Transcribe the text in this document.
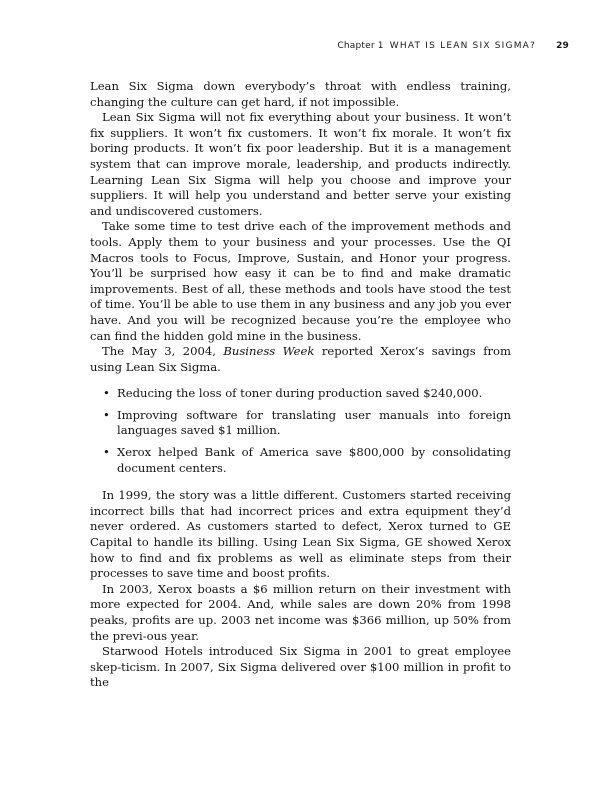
Chapter 1 WHAT IS LEAN SIX SIGMA? 29

Lean Six Sigma down everybody’s throat with endless training, changing the culture can get hard, if not impossible.

Lean Six Sigma will not fix everything about your business. It won’t fix suppliers. It won’t fix customers. It won’t fix morale. It won’t fix boring products. It won’t fix poor leadership. But it is a management system that can improve morale, leadership, and products indirectly. Learning Lean Six Sigma will help you choose and improve your suppliers. It will help you understand and better serve your existing and undiscovered customers.

Take some time to test drive each of the improvement methods and tools. Apply them to your business and your processes. Use the QI Macros tools to Focus, Improve, Sustain, and Honor your progress. You’ll be surprised how easy it can be to find and make dramatic improvements. Best of all, these methods and tools have stood the test of time. You’ll be able to use them in any business and any job you ever have. And you will be recognized because you’re the employee who can find the hidden gold mine in the business.

The May 3, 2004, Business Week reported Xerox’s savings from using Lean Six Sigma.

• Reducing the loss of toner during production saved $240,000.
• Improving software for translating user manuals into foreign languages saved $1 million.
• Xerox helped Bank of America save $800,000 by consolidating document centers.

In 1999, the story was a little different. Customers started receiving incorrect bills that had incorrect prices and extra equipment they’d never ordered. As customers started to defect, Xerox turned to GE Capital to handle its billing. Using Lean Six Sigma, GE showed Xerox how to find and fix problems as well as eliminate steps from their processes to save time and boost profits.

In 2003, Xerox boasts a $6 million return on their investment with more expected for 2004. And, while sales are down 20% from 1998 peaks, profits are up. 2003 net income was $366 million, up 50% from the previ-ous year.

Starwood Hotels introduced Six Sigma in 2001 to great employee skep-ticism. In 2007, Six Sigma delivered over $100 million in profit to the
